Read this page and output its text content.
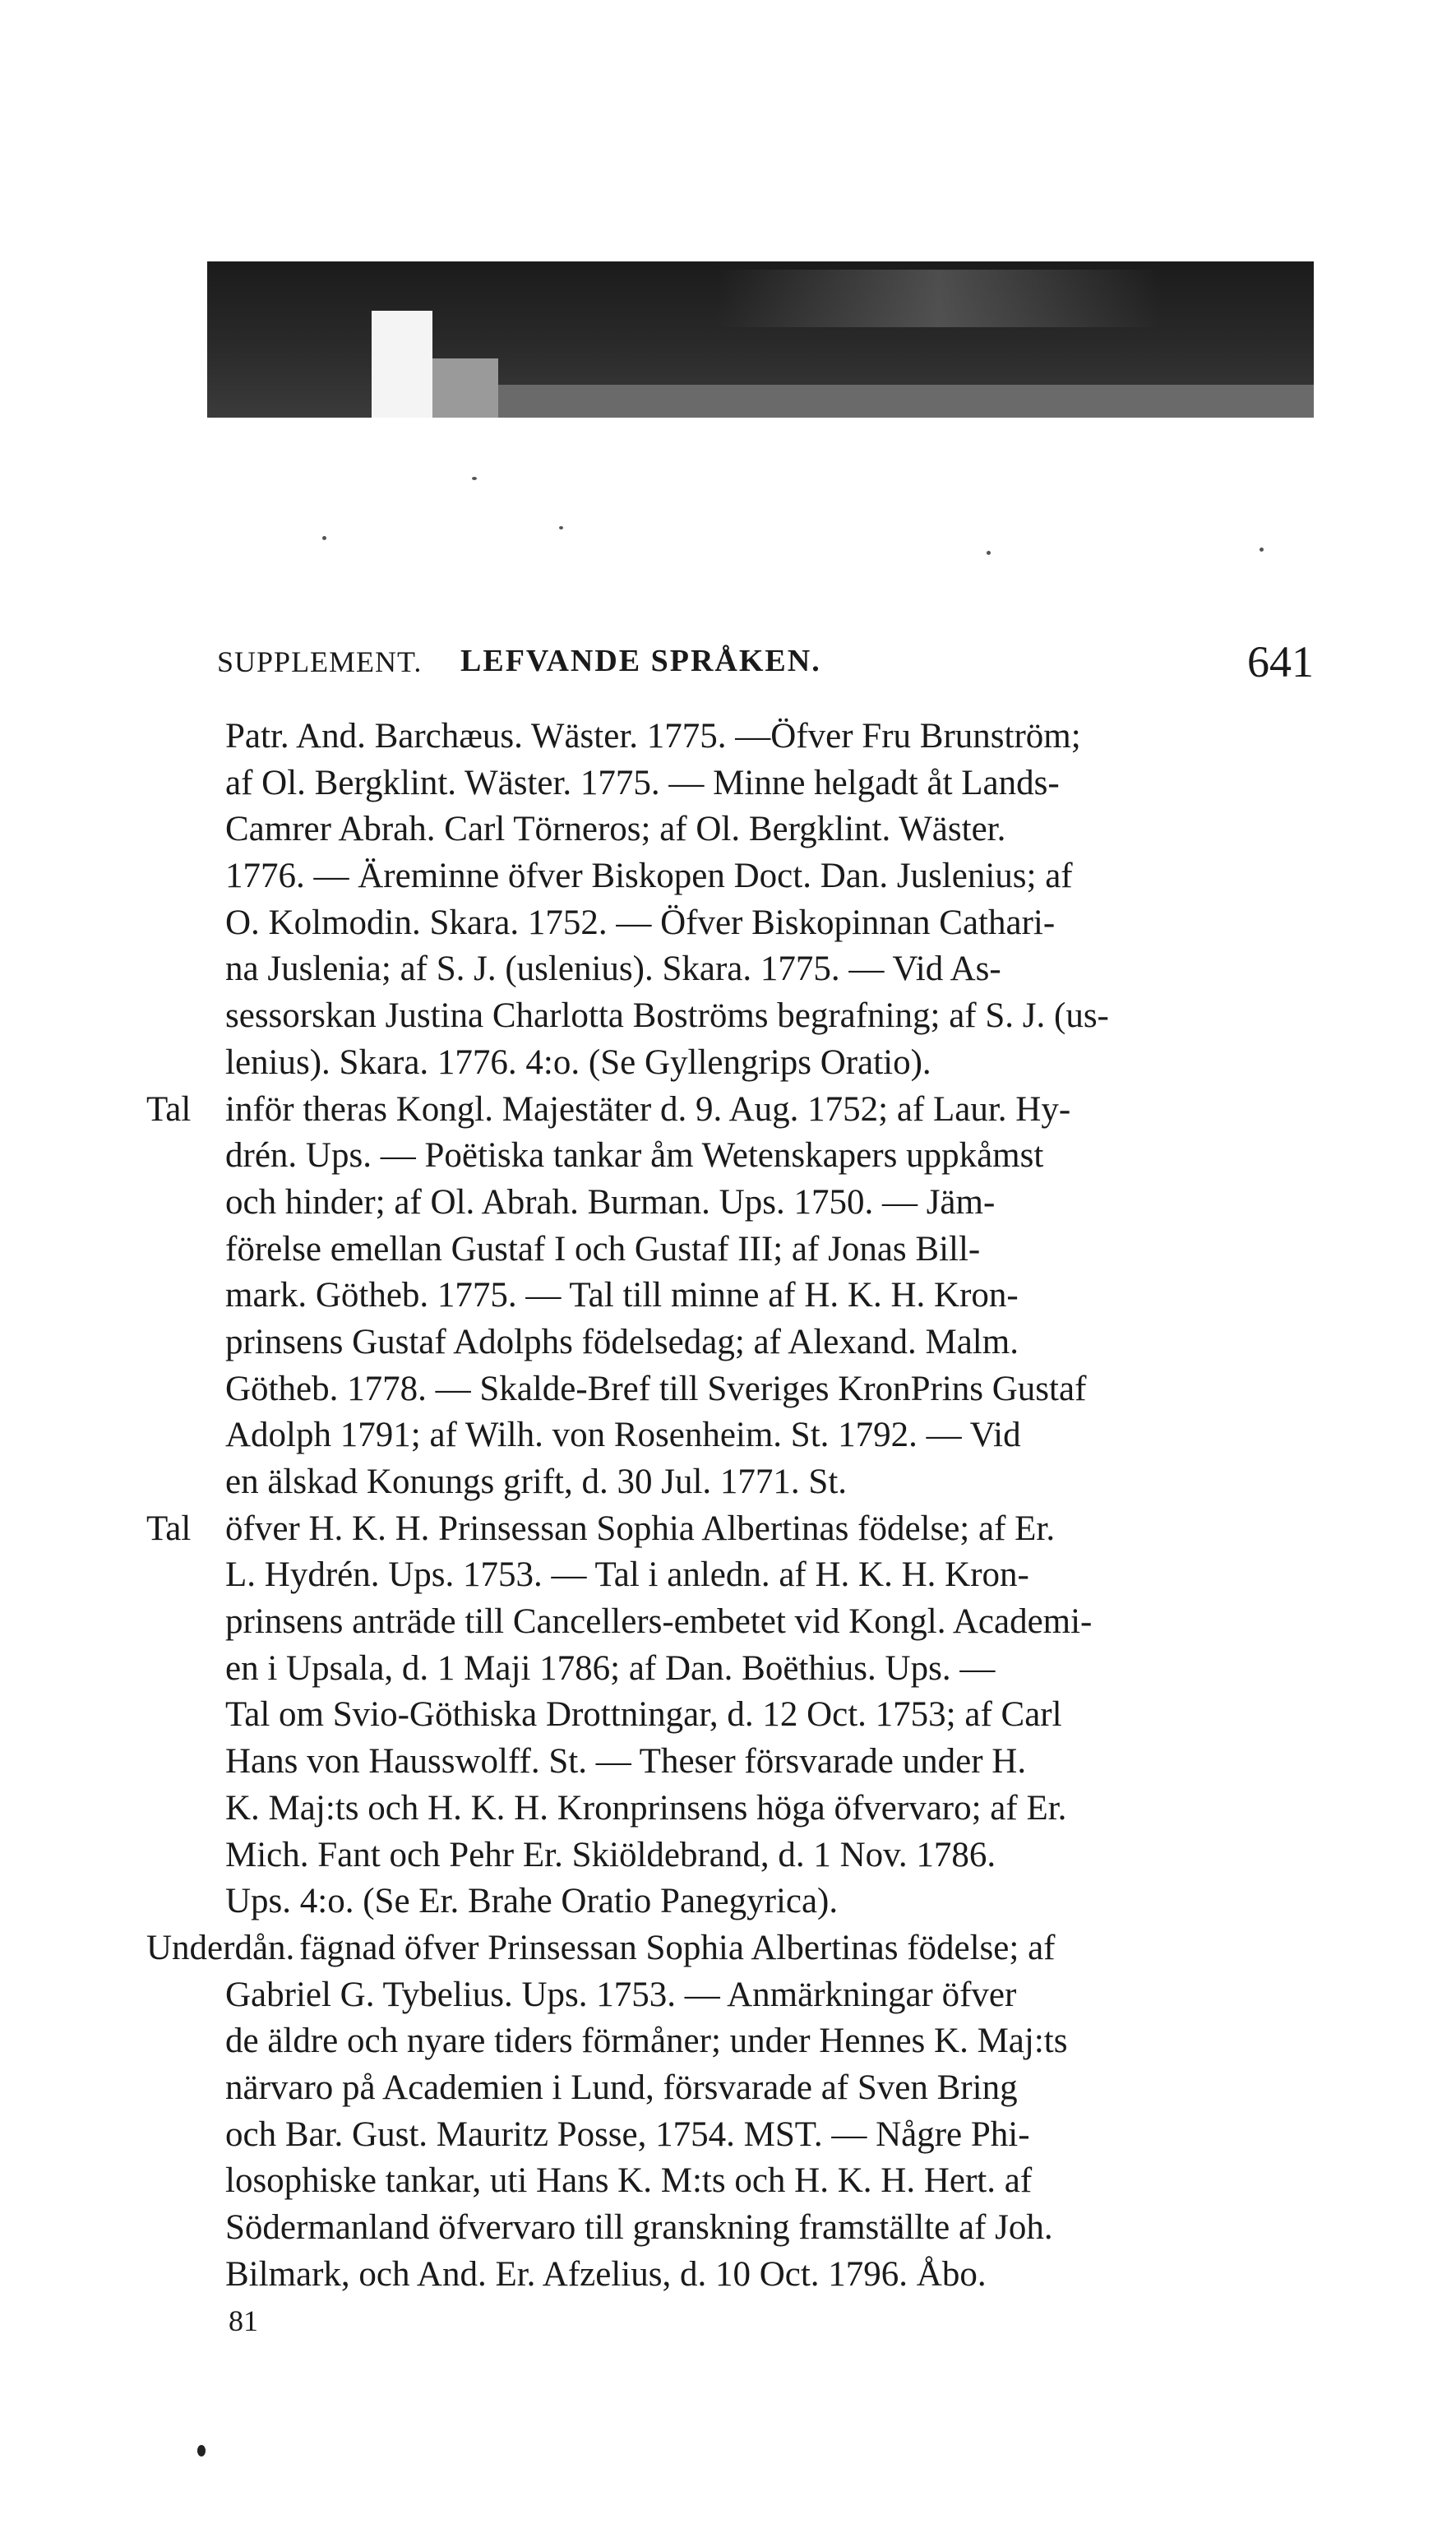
SUPPLEMENT. LEFVANDE SPRÅKEN.	641
Patr. And. Barchæus. Wäster. 1775. —Öfver Fru Brunström;
af Ol. Bergklint. Wäster. 1775. — Minne helgadt åt Lands-
Camrer Abrah. Carl Törneros; af Ol. Bergklint. Wäster.
1776. — Äreminne öfver Biskopen Doct. Dan. Juslenius; af
O. Kolmodin. Skara. 1752. — Öfver Biskopinnan Cathari-
na Juslenia; af S. J. (uslenius). Skara. 1775. — Vid As-
sessorskan Justina Charlotta Boströms begrafning; af S. J. (us-
lenius). Skara. 1776. 4:o. (Se Gyllengrips Oratio).
Tal inför theras Kongl. Majestäter d. 9. Aug. 1752; af Laur. Hy-
drén. Ups. — Poëtiska tankar åm Wetenskapers uppkåmst
och hinder; af Ol. Abrah. Burman. Ups. 1750. — Jäm-
förelse emellan Gustaf I och Gustaf III; af Jonas Bill-
mark. Götheb. 1775. — Tal till minne af H. K. H. Kron-
prinsens Gustaf Adolphs födelsedag; af Alexand. Malm.
Götheb. 1778. — Skalde-Bref till Sveriges KronPrins Gustaf
Adolph 1791; af Wilh. von Rosenheim. St. 1792. — Vid
en älskad Konungs grift, d. 30 Jul. 1771. St.
Tal öfver H. K. H. Prinsessan Sophia Albertinas födelse; af Er.
L. Hydrén. Ups. 1753. — Tal i anledn. af H. K. H. Kron-
prinsens anträde till Cancellers-embetet vid Kongl. Academi-
en i Upsala, d. 1 Maji 1786; af Dan. Boëthius. Ups. —
Tal om Svio-Göthiska Drottningar, d. 12 Oct. 1753; af Carl
Hans von Hausswolff. St. — Theser försvarade under H.
K. Maj:ts och H. K. H. Kronprinsens höga öfvervaro; af Er.
Mich. Fant och Pehr Er. Skiöldebrand, d. 1 Nov. 1786.
Ups. 4:o. (Se Er. Brahe Oratio Panegyrica).
Underdån. fägnad öfver Prinsessan Sophia Albertinas födelse; af
Gabriel G. Tybelius. Ups. 1753. — Anmärkningar öfver
de äldre och nyare tiders förmåner; under Hennes K. Maj:ts
närvaro på Academien i Lund, försvarade af Sven Bring
och Bar. Gust. Mauritz Posse, 1754. MST. — Någre Phi-
losophiske tankar, uti Hans K. M:ts och H. K. H. Hert. af
Södermanland öfvervaro till granskning framställte af Joh.
Bilmark, och And. Er. Afzelius, d. 10 Oct. 1796. Åbo.
81
